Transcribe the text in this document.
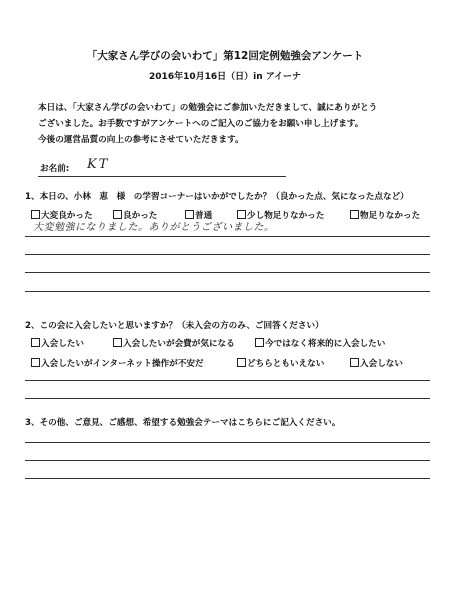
「大家さん学びの会いわて」第12回定例勉強会アンケート
2016年10月16日（日）in アイーナ
本日は、「大家さん学びの会いわて」の勉強会にご参加いただきまして、誠にありがとう
ございました。お手数ですがアンケートへのご記入のご協力をお願い申し上げます。
今後の運営品質の向上の参考にさせていただきます。
お名前: KT
1、本日の、小林　恵　様　の学習コーナーはいかがでしたか？（良かった点、気になった点など）
大変良かった	良かった	普通	少し物足りなかった	物足りなかった
大変勉強になりました。ありがとうございました。
2、この会に入会したいと思いますか？（未入会の方のみ、ご回答ください）
入会したい	入会したいが会費が気になる	今ではなく将来的に入会したい
入会したいがインターネット操作が不安だ	どちらともいえない	入会しない
3、その他、ご意見、ご感想、希望する勉強会テーマはこちらにご記入ください。
